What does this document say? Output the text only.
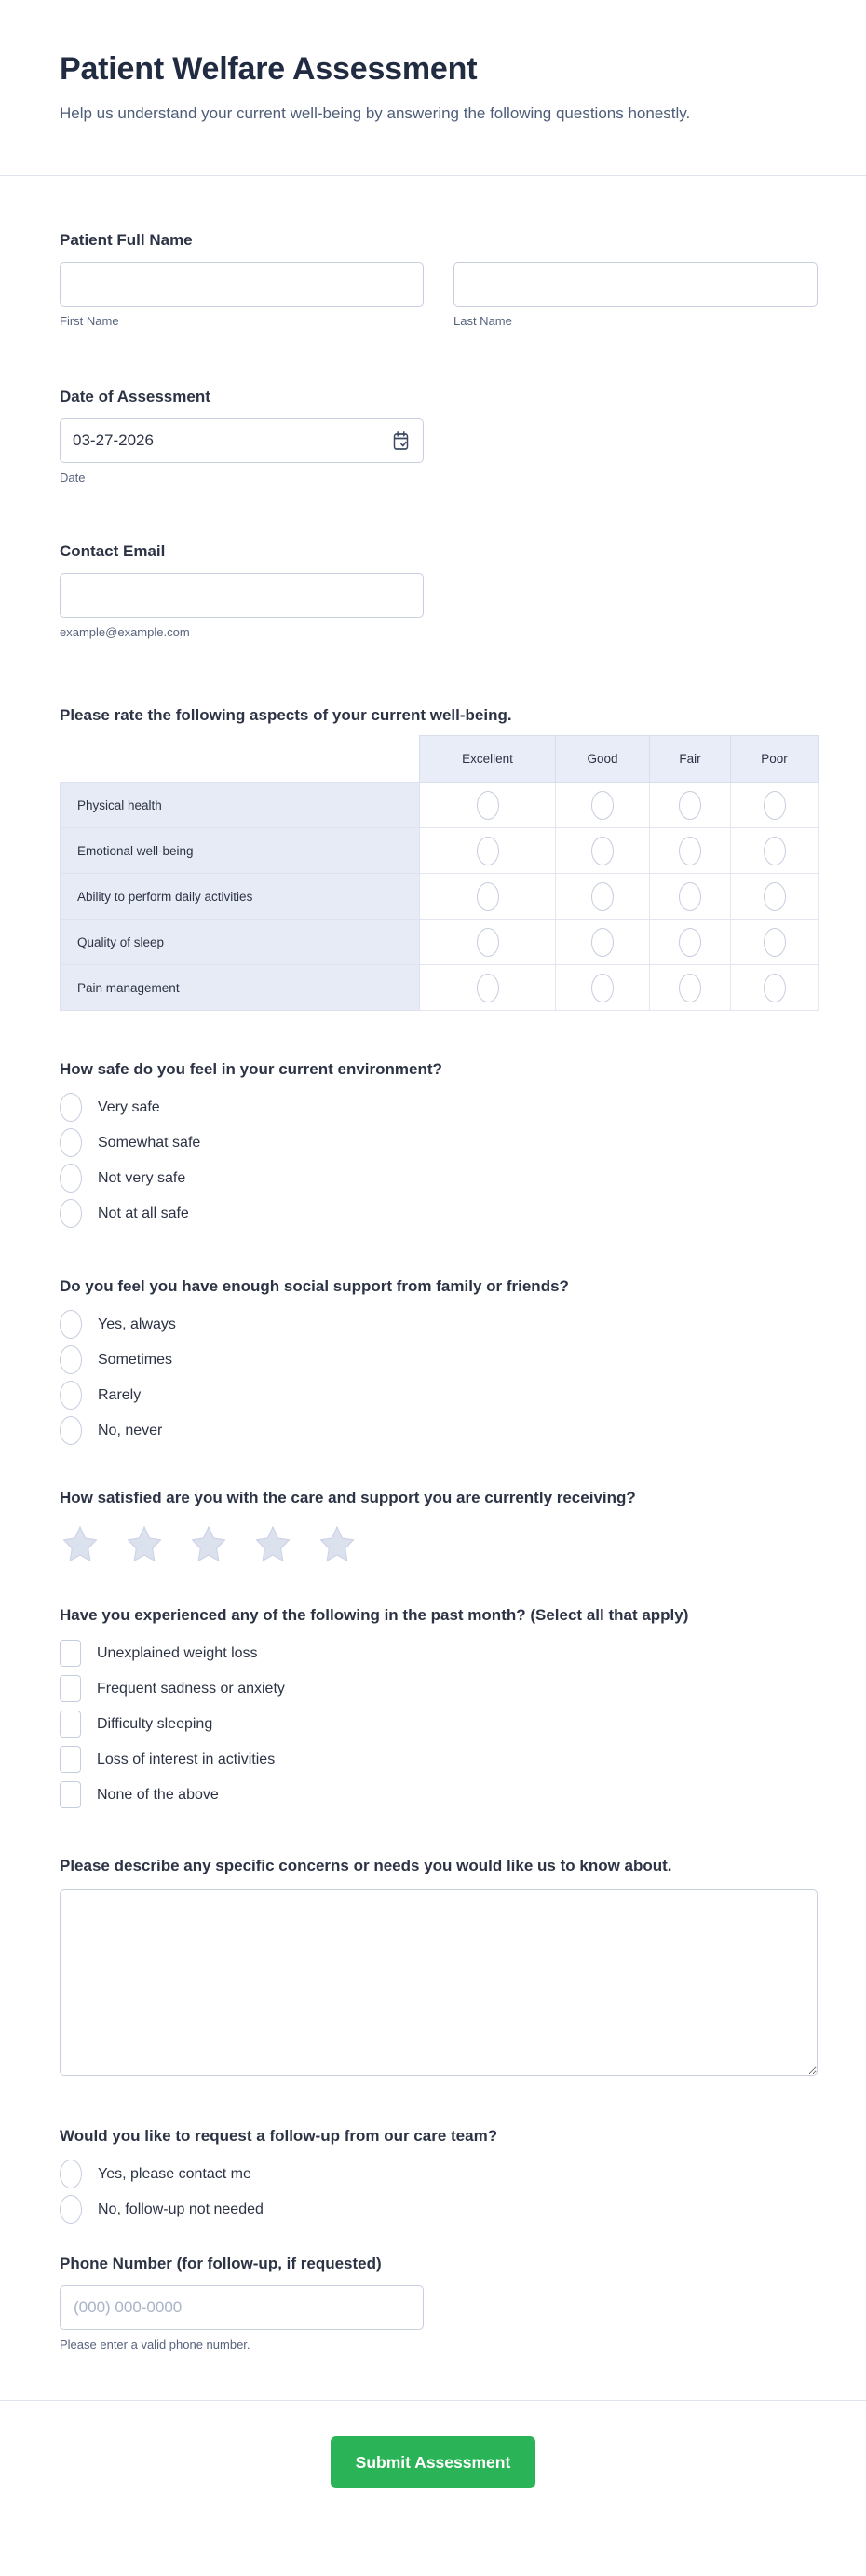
Patient Welfare Assessment

Help us understand your current well-being by answering the following questions honestly.

Patient Full Name
First Name	Last Name
Date of Assessment
03-27-2026
Date
Contact Email
example@example.com
Please rate the following aspects of your current well-being.
	Excellent	Good	Fair	Poor
Physical health				
Emotional well-being				
Ability to perform daily activities				
Quality of sleep				
Pain management				
How safe do you feel in your current environment?
Very safe
Somewhat safe
Not very safe
Not at all safe
Do you feel you have enough social support from family or friends?
Yes, always
Sometimes
Rarely
No, never
How satisfied are you with the care and support you are currently receiving?
Have you experienced any of the following in the past month? (Select all that apply)
Unexplained weight loss
Frequent sadness or anxiety
Difficulty sleeping
Loss of interest in activities
None of the above
Please describe any specific concerns or needs you would like us to know about.
Would you like to request a follow-up from our care team?
Yes, please contact me
No, follow-up not needed
Phone Number (for follow-up, if requested)
(000) 000-0000
Please enter a valid phone number.
Submit Assessment
